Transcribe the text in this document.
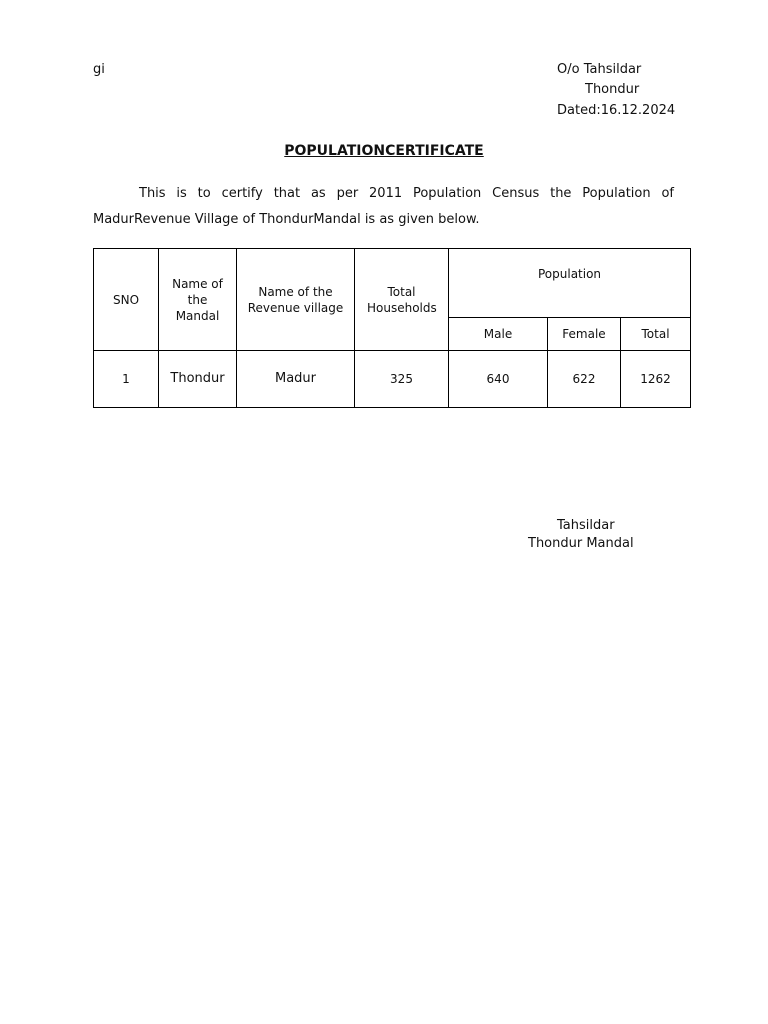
gi	O/o Tahsildar
Thondur
Dated:16.12.2024
POPULATIONCERTIFICATE
This is to certify that as per 2011 Population Census the Population of MadurRevenue Village of ThondurMandal is as given below.
SNO	Name of the Mandal	Name of the Revenue village	Total Households	Population		
				Male	Female	Total
1	Thondur	Madur	325	640	622	1262
Tahsildar
Thondur Mandal
